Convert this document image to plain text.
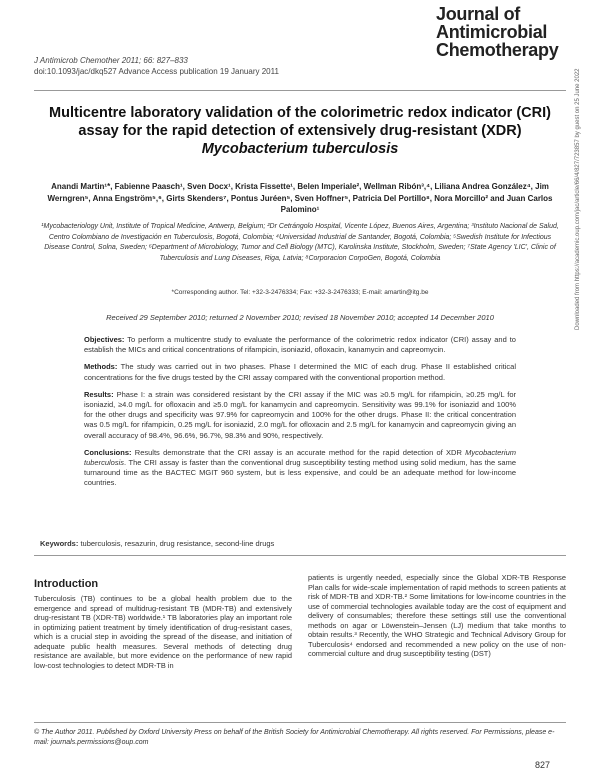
J Antimicrob Chemother 2011; 66: 827–833
doi:10.1093/jac/dkq527 Advance Access publication 19 January 2011
Journal of Antimicrobial Chemotherapy
Multicentre laboratory validation of the colorimetric redox indicator (CRI) assay for the rapid detection of extensively drug-resistant (XDR)
Mycobacterium tuberculosis
Anandi Martin¹*, Fabienne Paasch¹, Sven Docx¹, Krista Fissette¹, Belen Imperiale², Wellman Ribón³,⁴, Liliana Andrea González⁴, Jim Werngren⁵, Anna Engström⁵,⁶, Girts Skenders⁷, Pontus Juréen⁵, Sven Hoffner⁵, Patricia Del Portillo⁸, Nora Morcillo² and Juan Carlos Palomino¹
¹Mycobacteriology Unit, Institute of Tropical Medicine, Antwerp, Belgium; ²Dr Cetrángolo Hospital, Vicente López, Buenos Aires, Argentina; ³Instituto Nacional de Salud, Centro Colombiano de Investigación en Tuberculosis, Bogotá, Colombia; ⁴Universidad Industrial de Santander, Bogotá, Colombia; ⁵Swedish Institute for Infectious Disease Control, Solna, Sweden; ⁶Department of Microbiology, Tumor and Cell Biology (MTC), Karolinska Institute, Stockholm, Sweden; ⁷State Agency 'LIC', Clinic of Tuberculosis and Lung Diseases, Riga, Latvia; ⁸Corporacion CorpoGen, Bogotá, Colombia
*Corresponding author. Tel: +32-3-2476334; Fax: +32-3-2476333; E-mail: amartin@itg.be
Received 29 September 2010; returned 2 November 2010; revised 18 November 2010; accepted 14 December 2010

Objectives: To perform a multicentre study to evaluate the performance of the colorimetric redox indicator (CRI) assay and to establish the MICs and critical concentrations of rifampicin, isoniazid, ofloxacin, kanamycin and capreomycin.

Methods: The study was carried out in two phases. Phase I determined the MIC of each drug. Phase II established critical concentrations for the five drugs tested by the CRI assay compared with the conventional proportion method.

Results: Phase I: a strain was considered resistant by the CRI assay if the MIC was ≥0.5 mg/L for rifampicin, ≥0.25 mg/L for isoniazid, ≥4.0 mg/L for ofloxacin and ≥5.0 mg/L for kanamycin and capreomycin. Sensitivity was 99.1% for isoniazid and 100% for the other drugs and specificity was 97.9% for capreomycin and 100% for the other drugs. Phase II: the critical concentration was 0.5 mg/L for rifampicin, 0.25 mg/L for isoniazid, 2.0 mg/L for ofloxacin and 2.5 mg/L for kanamycin and capreomycin giving an overall accuracy of 98.4%, 96.6%, 96.7%, 98.3% and 90%, respectively.

Conclusions: Results demonstrate that the CRI assay is an accurate method for the rapid detection of XDR Mycobacterium tuberculosis. The CRI assay is faster than the conventional drug susceptibility testing method using solid medium, has the same turnaround time as the BACTEC MGIT 960 system, but is less expensive, and could be an adequate method for low-income countries.

Keywords: tuberculosis, resazurin, drug resistance, second-line drugs
Introduction
Tuberculosis (TB) continues to be a global health problem due to the emergence and spread of multidrug-resistant TB (MDR-TB) and extensively drug-resistant TB (XDR-TB) worldwide.¹ TB laboratories play an important role in optimizing patient treatment by timely identification of drug-resistant cases, which is a crucial step in avoiding the spread of the disease, and initiation of adequate public health measures. Several methods of detecting drug resistance are available, but more evidence on the performance of new rapid low-cost technologies to detect MDR-TB in
patients is urgently needed, especially since the Global XDR-TB Response Plan calls for wide-scale implementation of rapid methods to screen patients at risk of MDR-TB and XDR-TB.² Some limitations for low-income countries in the use of commercial technologies available today are the cost of equipment and delivery of consumables; therefore these settings still use the conventional methods on agar or Löwenstein–Jensen (LJ) medium that take months to obtain results.³ Recently, the WHO Strategic and Technical Advisory Group for Tuberculosis⁴ endorsed and recommended a new policy on the use of non-commercial culture and drug susceptibility testing (DST)
© The Author 2011. Published by Oxford University Press on behalf of the British Society for Antimicrobial Chemotherapy. All rights reserved. For Permissions, please e-mail: journals.permissions@oup.com
827
Downloaded from https://academic.oup.com/jac/article/66/4/827/723857 by guest on 25 June 2022
